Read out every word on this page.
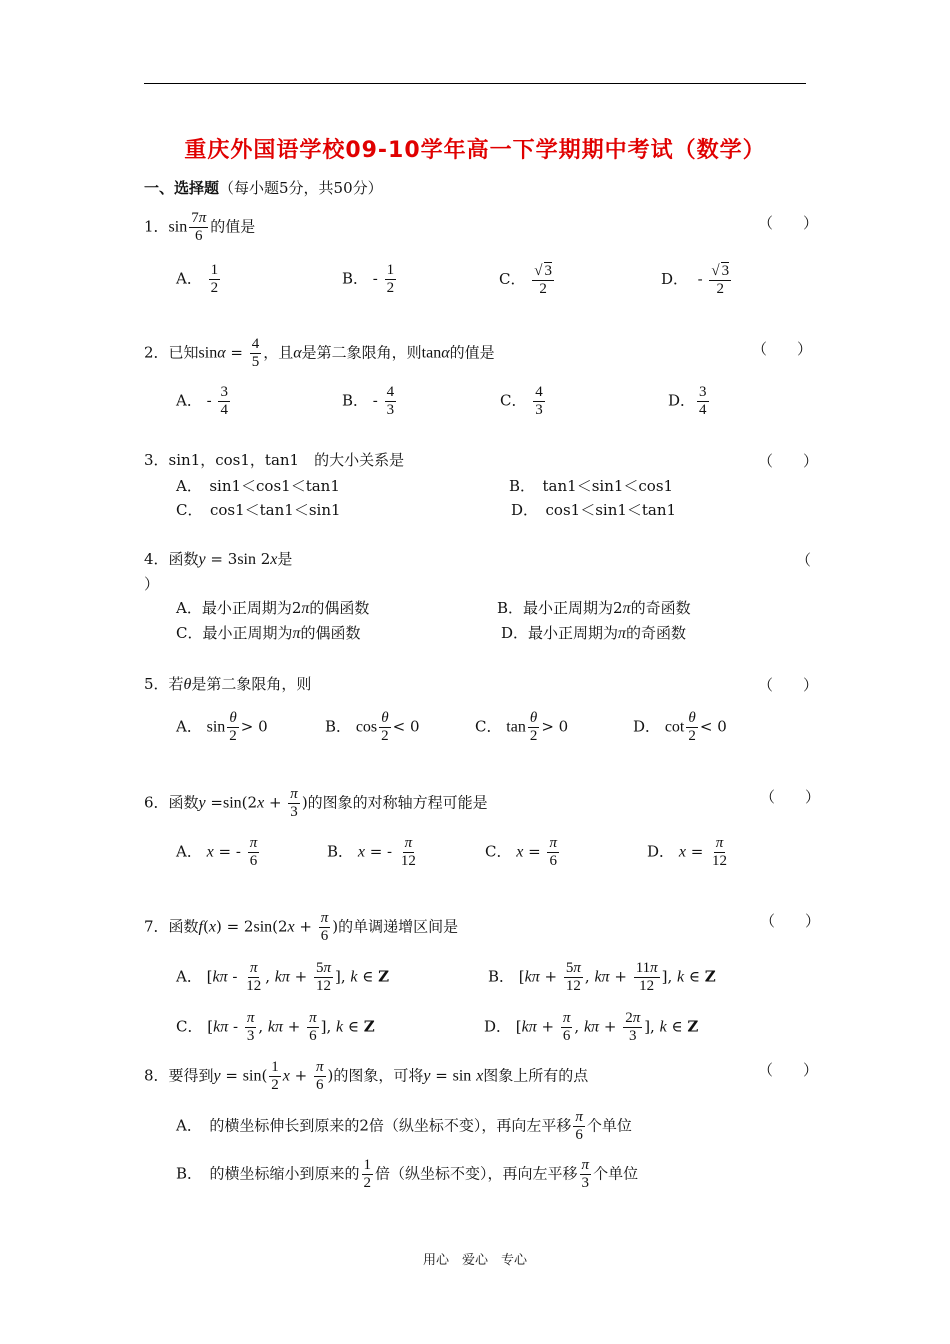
重庆外国语学校09-10学年高一下学期期中考试（数学）
一、选择题（每小题5分，共50分）
1．$\sin \frac{7\pi}{6}$ 的值是	（　　）
A． $\frac{1}{2}$	B． - $\frac{1}{2}$	C． $\frac{√ 3}{2}$	D．  - $\frac{√ 3}{2}$
2．已知$\sin\alpha = \frac{4}{5}$ ，且α是第二象限角，则tanα的值是	（　　）
A． - $\frac{3}{4}$	B． - $\frac{4}{3}$	C． $\frac{4}{3}$	D． $\frac{3}{4}$
3．sin1，cos1，tan1　的大小关系是	（　　）
A．　sin1＜cos1＜tan1	B．　tan1＜sin1＜cos1
C．　cos1＜tan1＜sin1	D．　cos1＜sin1＜tan1
4．函数y = 3sin 2x是	（
）
A．最小正周期为2π的偶函数	B．最小正周期为2π的奇函数
C．最小正周期为π的偶函数	D．最小正周期为π的奇函数
5．若θ是第二象限角，则	（　　）
A． $\sin \frac{\theta}{2} > 0$	B． $\cos \frac{\theta}{2} < 0$	C． $\tan \frac{\theta}{2} > 0$	D． $\cot \frac{\theta}{2} < 0$
6．函数$y =\sin(2x + \frac{\pi}{3}$ )的图象的对称轴方程可能是	（　　）
A． x = - $\frac{\pi}{6}$	B． x = - $\frac{\pi}{12}$	C． $x = \frac{\pi}{6}$	D． $x = \frac{\pi}{12}$
7．函数$f(x) = 2\sin(2x + \frac{\pi}{6}$ )的单调递增区间是	（　　）
A． [$k\pi - \frac{\pi}{12}$ , $k\pi + \frac{5\pi}{12}$ ], k ∈ Z	B． [$k\pi + \frac{5\pi}{12}$ , $k\pi + \frac{11\pi}{12}$ ], k ∈ Z
C． [$k\pi - \frac{\pi}{3}$ , $k\pi + \frac{\pi}{6}$ ], k ∈ Z	D． [$k\pi + \frac{\pi}{6}$ , $k\pi + \frac{2\pi}{3}$ ], k ∈ Z
8．要得到$y = \sin( \frac{1}{2}$ $x + \frac{\pi}{6}$ )的图象，可将y = sin x图象上所有的点	（　　）
A．　的横坐标伸长到原来的2倍（纵坐标不变），再向左平移 $\frac{\pi}{6}$ 个单位
B．　的横坐标缩小到原来的 $\frac{1}{2}$ 倍（纵坐标不变），再向左平移 $\frac{\pi}{3}$ 个单位
用心　爱心　专心
